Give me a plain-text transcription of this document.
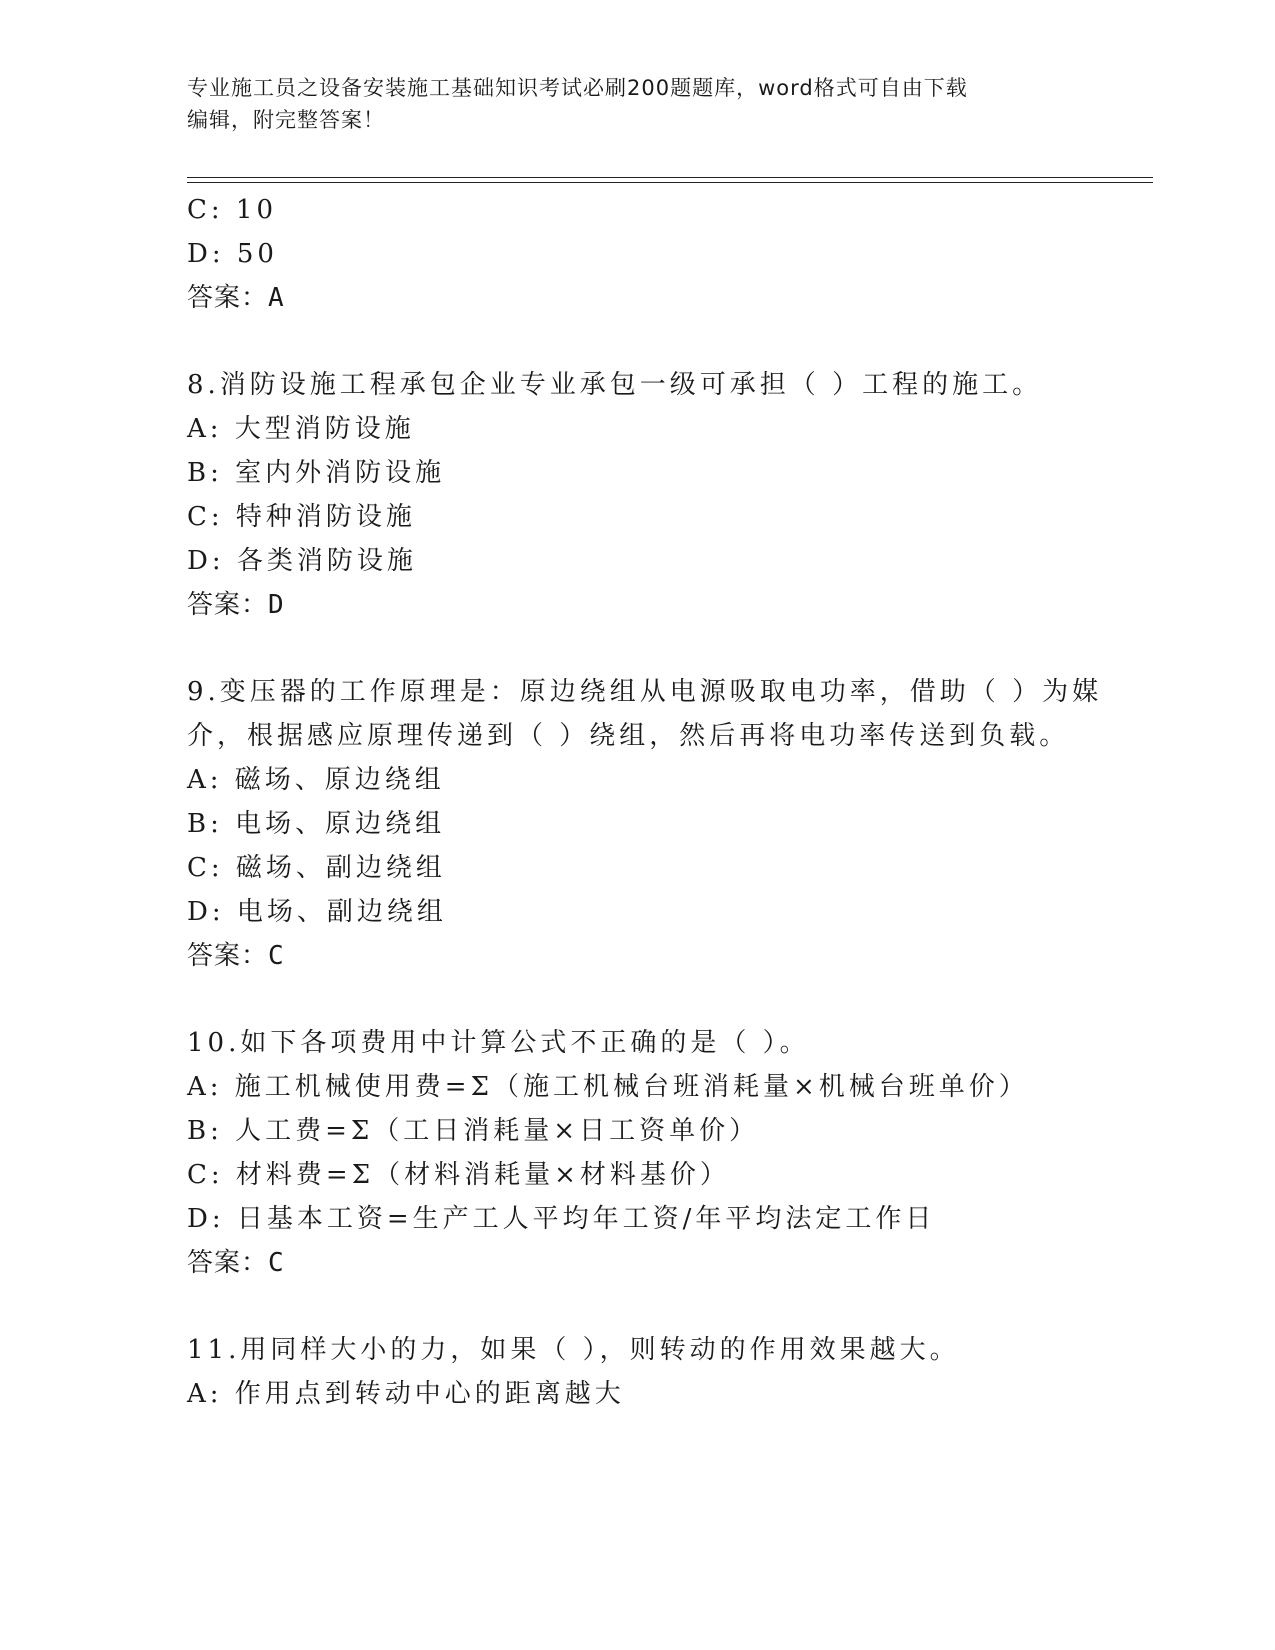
专业施工员之设备安装施工基础知识考试必刷200题题库，word格式可自由下载
编辑，附完整答案！
C: 10
D: 50
答案：A
8.消防设施工程承包企业专业承包一级可承担（ ）工程的施工。
A: 大型消防设施
B: 室内外消防设施
C: 特种消防设施
D: 各类消防设施
答案：D
9.变压器的工作原理是：原边绕组从电源吸取电功率，借助（ ）为媒
介，根据感应原理传递到（ ）绕组，然后再将电功率传送到负载。
A: 磁场、原边绕组
B: 电场、原边绕组
C: 磁场、副边绕组
D: 电场、副边绕组
答案：C
10.如下各项费用中计算公式不正确的是（ ）。
A: 施工机械使用费=Σ（施工机械台班消耗量×机械台班单价）
B: 人工费=Σ（工日消耗量×日工资单价）
C: 材料费=Σ（材料消耗量×材料基价）
D: 日基本工资=生产工人平均年工资/年平均法定工作日
答案：C
11.用同样大小的力，如果（ ），则转动的作用效果越大。
A: 作用点到转动中心的距离越大
